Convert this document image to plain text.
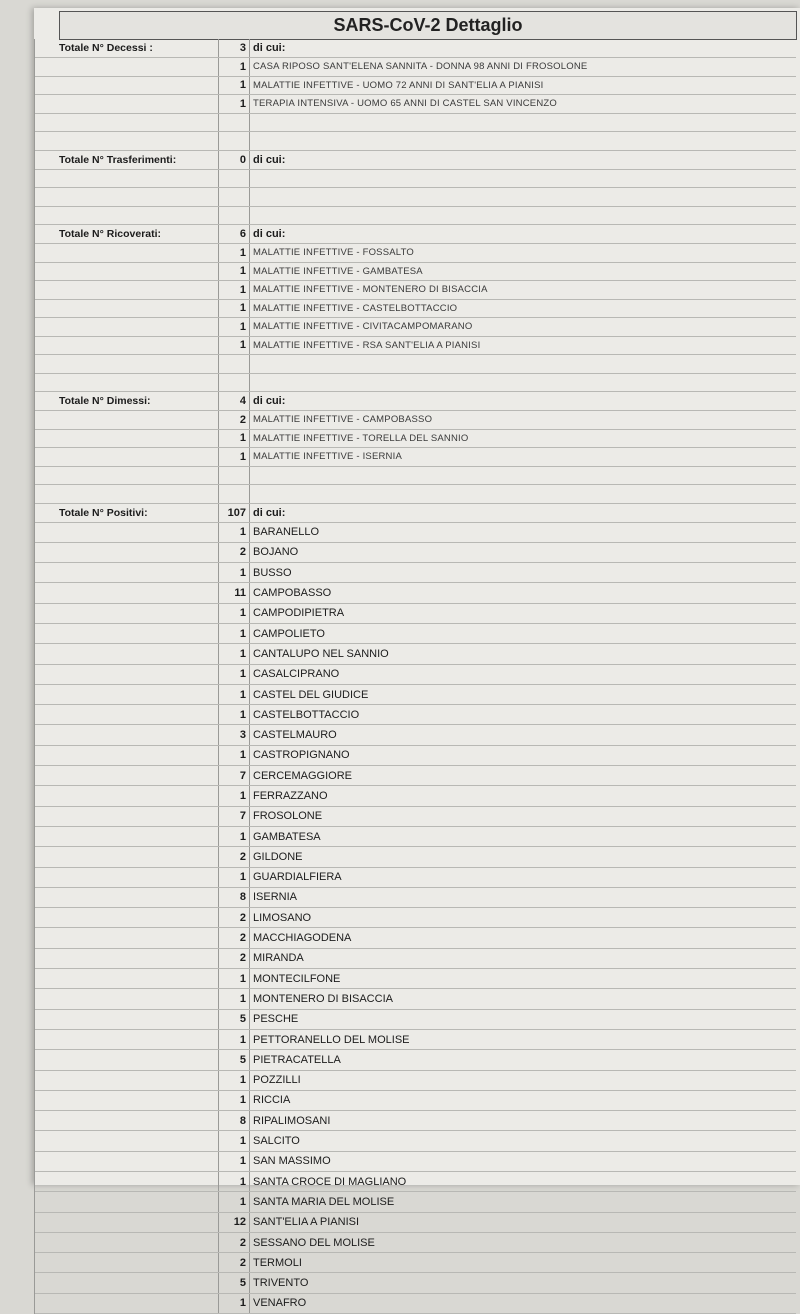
SARS-CoV-2 Dettaglio
Totale N° Decessi :	3 di cui:
1 CASA RIPOSO SANT'ELENA SANNITA - DONNA 98 ANNI DI FROSOLONE
1 MALATTIE INFETTIVE - UOMO 72 ANNI DI SANT'ELIA A PIANISI
1 TERAPIA INTENSIVA - UOMO 65 ANNI DI CASTEL SAN VINCENZO
Totale N° Trasferimenti:	0 di cui:
Totale N° Ricoverati:	6 di cui:
1 MALATTIE INFETTIVE - FOSSALTO
1 MALATTIE INFETTIVE - GAMBATESA
1 MALATTIE INFETTIVE - MONTENERO DI BISACCIA
1 MALATTIE INFETTIVE - CASTELBOTTACCIO
1 MALATTIE INFETTIVE - CIVITACAMPOMARANO
1 MALATTIE INFETTIVE - RSA SANT'ELIA A PIANISI
Totale N° Dimessi:	4 di cui:
2 MALATTIE INFETTIVE - CAMPOBASSO
1 MALATTIE INFETTIVE - TORELLA DEL SANNIO
1 MALATTIE INFETTIVE - ISERNIA
Totale N° Positivi:	107 di cui:
1 BARANELLO
2 BOJANO
1 BUSSO
11 CAMPOBASSO
1 CAMPODIPIETRA
1 CAMPOLIETO
1 CANTALUPO NEL SANNIO
1 CASALCIPRANO
1 CASTEL DEL GIUDICE
1 CASTELBOTTACCIO
3 CASTELMAURO
1 CASTROPIGNANO
7 CERCEMAGGIORE
1 FERRAZZANO
7 FROSOLONE
1 GAMBATESA
2 GILDONE
1 GUARDIALFIERA
8 ISERNIA
2 LIMOSANO
2 MACCHIAGODENA
2 MIRANDA
1 MONTECILFONE
1 MONTENERO DI BISACCIA
5 PESCHE
1 PETTORANELLO DEL MOLISE
5 PIETRACATELLA
1 POZZILLI
1 RICCIA
8 RIPALIMOSANI
1 SALCITO
1 SAN MASSIMO
1 SANTA CROCE DI MAGLIANO
1 SANTA MARIA DEL MOLISE
12 SANT'ELIA A PIANISI
2 SESSANO DEL MOLISE
2 TERMOLI
5 TRIVENTO
1 VENAFRO
